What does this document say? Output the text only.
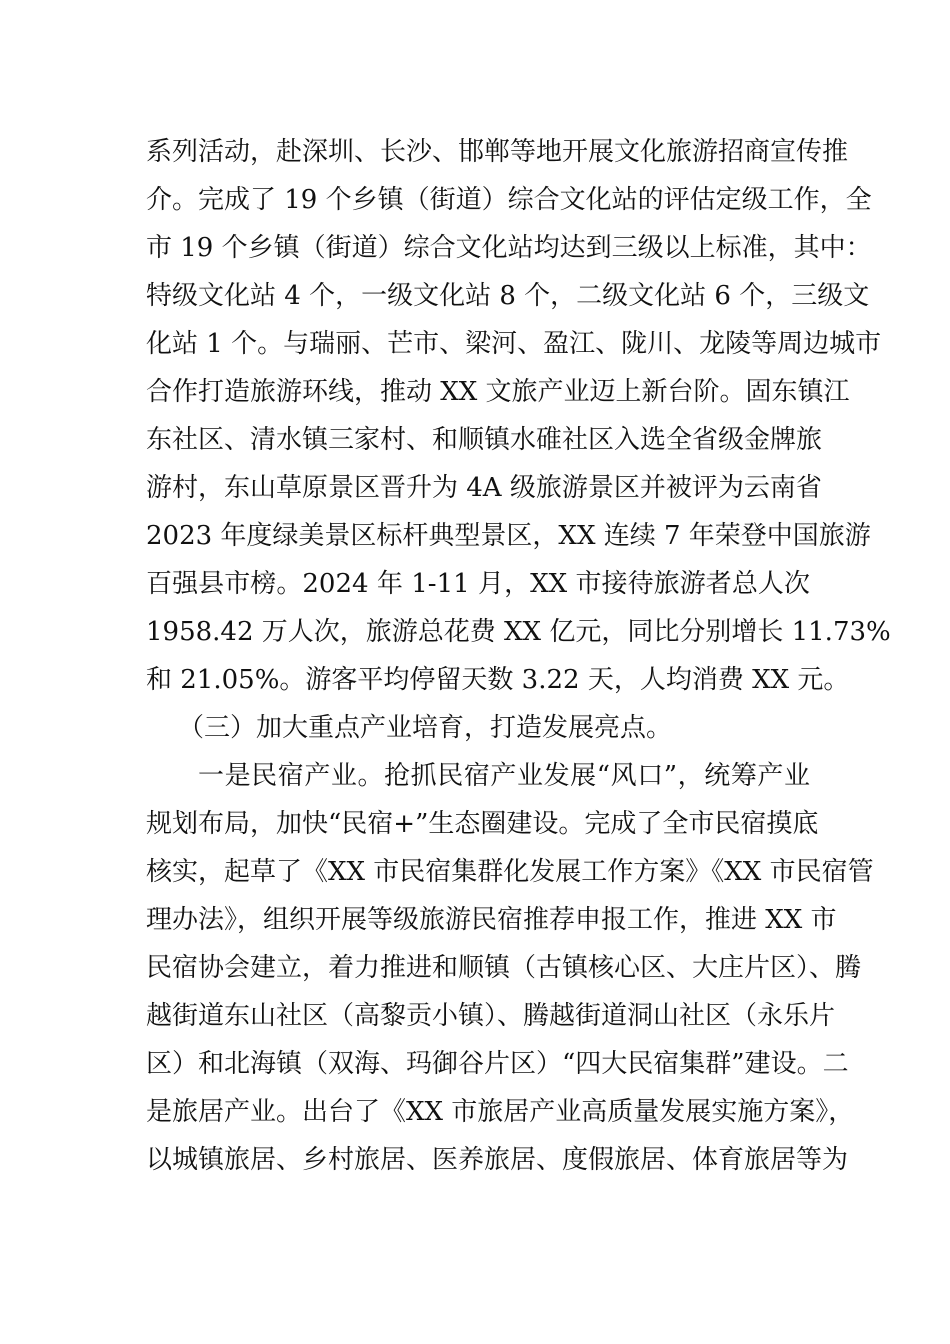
系列活动，赴深圳、长沙、邯郸等地开展文化旅游招商宣传推
介。完成了 19 个乡镇（街道）综合文化站的评估定级工作，全
市 19 个乡镇（街道）综合文化站均达到三级以上标准，其中：
特级文化站 4 个，一级文化站 8 个，二级文化站 6 个，三级文
化站 1 个。与瑞丽、芒市、梁河、盈江、陇川、龙陵等周边城市
合作打造旅游环线，推动 XX 文旅产业迈上新台阶。固东镇江
东社区、清水镇三家村、和顺镇水碓社区入选全省级金牌旅
游村，东山草原景区晋升为 4A 级旅游景区并被评为云南省
2023 年度绿美景区标杆典型景区，XX 连续 7 年荣登中国旅游
百强县市榜。2024 年 1-11 月，XX 市接待旅游者总人次
1958.42 万人次，旅游总花费 XX 亿元，同比分别增长 11.73%
和 21.05%。游客平均停留天数 3.22 天，人均消费 XX 元。
（三）加大重点产业培育，打造发展亮点。
一是民宿产业。抢抓民宿产业发展“风口”，统筹产业
规划布局，加快“民宿+”生态圈建设。完成了全市民宿摸底
核实，起草了《XX 市民宿集群化发展工作方案》《XX 市民宿管
理办法》，组织开展等级旅游民宿推荐申报工作，推进 XX 市
民宿协会建立，着力推进和顺镇（古镇核心区、大庄片区）、腾
越街道东山社区（高黎贡小镇）、腾越街道洞山社区（永乐片
区）和北海镇（双海、玛御谷片区）“四大民宿集群”建设。二
是旅居产业。出台了《XX 市旅居产业高质量发展实施方案》，
以城镇旅居、乡村旅居、医养旅居、度假旅居、体育旅居等为
